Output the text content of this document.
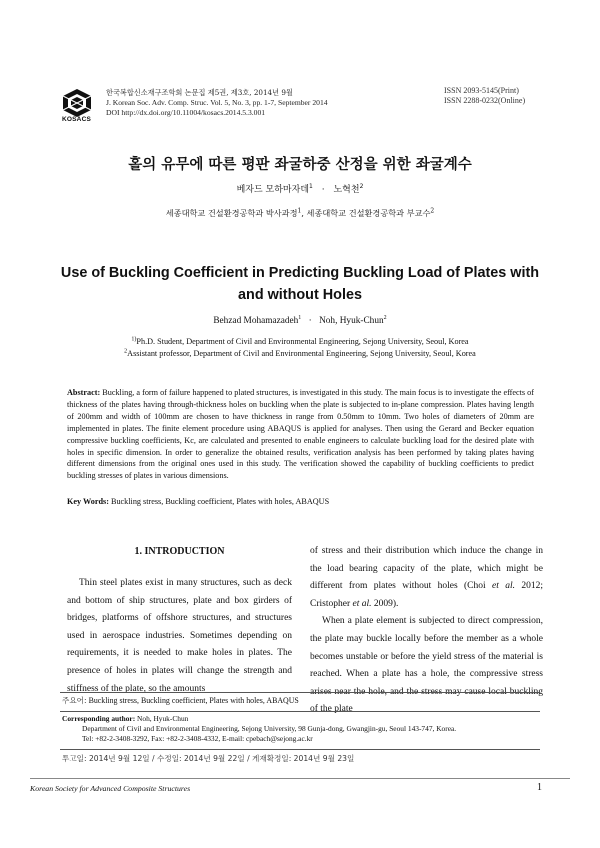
KOSACS
한국복합신소재구조학회 논문집 제5권, 제3호, 2014년 9월
J. Korean Soc. Adv. Comp. Struc. Vol. 5, No. 3, pp. 1-7, September 2014
DOI http://dx.doi.org/10.11004/kosacs.2014.5.3.001
ISSN 2093-5145(Print)
ISSN 2288-0232(Online)
홀의 유무에 따른 평판 좌굴하중 산정을 위한 좌굴계수
베자드 모하마자데$^1$ · 노혁천$^2$
세종대학교 건설환경공학과 박사과정$^1$, 세종대학교 건설환경공학과 부교수$^2$
Use of Buckling Coefficient in Predicting Buckling Load of Plates with and without Holes
Behzad Mohamazadeh$^1$ · Noh, Hyuk-Chun$^2$
$^{1)}$Ph.D. Student, Department of Civil and Environmental Engineering, Sejong University, Seoul, Korea
$^2$Assistant professor, Department of Civil and Environmental Engineering, Sejong University, Seoul, Korea
Abstract: Buckling, a form of failure happened to plated structures, is investigated in this study. The main focus is to investigate the effects of thickness of the plates having through-thickness holes on buckling when the plate is subjected to in-plane compression. Plates having length of 200mm and width of 100mm are chosen to have thickness in range from 0.50mm to 10mm. Two holes of diameters of 20mm are implemented in plates. The finite element procedure using ABAQUS is applied for analyses. Then using the Gerard and Becker equation compressive buckling coefficients, Kc, are calculated and presented to enable engineers to calculate buckling load for the desired plate with holes in specific dimension. In order to generalize the obtained results, verification analysis has been performed by taking plates having different dimensions from the original ones used in this study. The verification showed the capability of buckling coefficients to predict buckling stresses of plates in various dimensions.
Key Words: Buckling stress, Buckling coefficient, Plates with holes, ABAQUS
1. INTRODUCTION
Thin steel plates exist in many structures, such as deck and bottom of ship structures, plate and box girders of bridges, platforms of offshore structures, and structures used in aerospace industries. Sometimes depending on requirements, it is needed to make holes in plates. The presence of holes in plates will change the strength and stiffness of the plate, so the amounts
of stress and their distribution which induce the change in the load bearing capacity of the plate, which might be different from plates without holes (Choi et al. 2012; Cristopher et al. 2009).
When a plate element is subjected to direct compression, the plate may buckle locally before the member as a whole becomes unstable or before the yield stress of the material is reached. When a plate has a hole, the compressive stress arises near the hole, and the stress may cause local buckling of the plate
주요어: Buckling stress, Buckling coefficient, Plates with holes, ABAQUS
Corresponding author: Noh, Hyuk-Chun
Department of Civil and Environmental Engineering, Sejong University, 98 Gunja-dong, Gwangjin-gu, Seoul 143-747, Korea.
Tel: +82-2-3408-3292, Fax: +82-2-3408-4332, E-mail: cpebach@sejong.ac.kr
투고일: 2014년 9월 12일 / 수정일: 2014년 9월 22일 / 게재확정일: 2014년 9월 23일
Korean Society for Advanced Composite Structures	1
